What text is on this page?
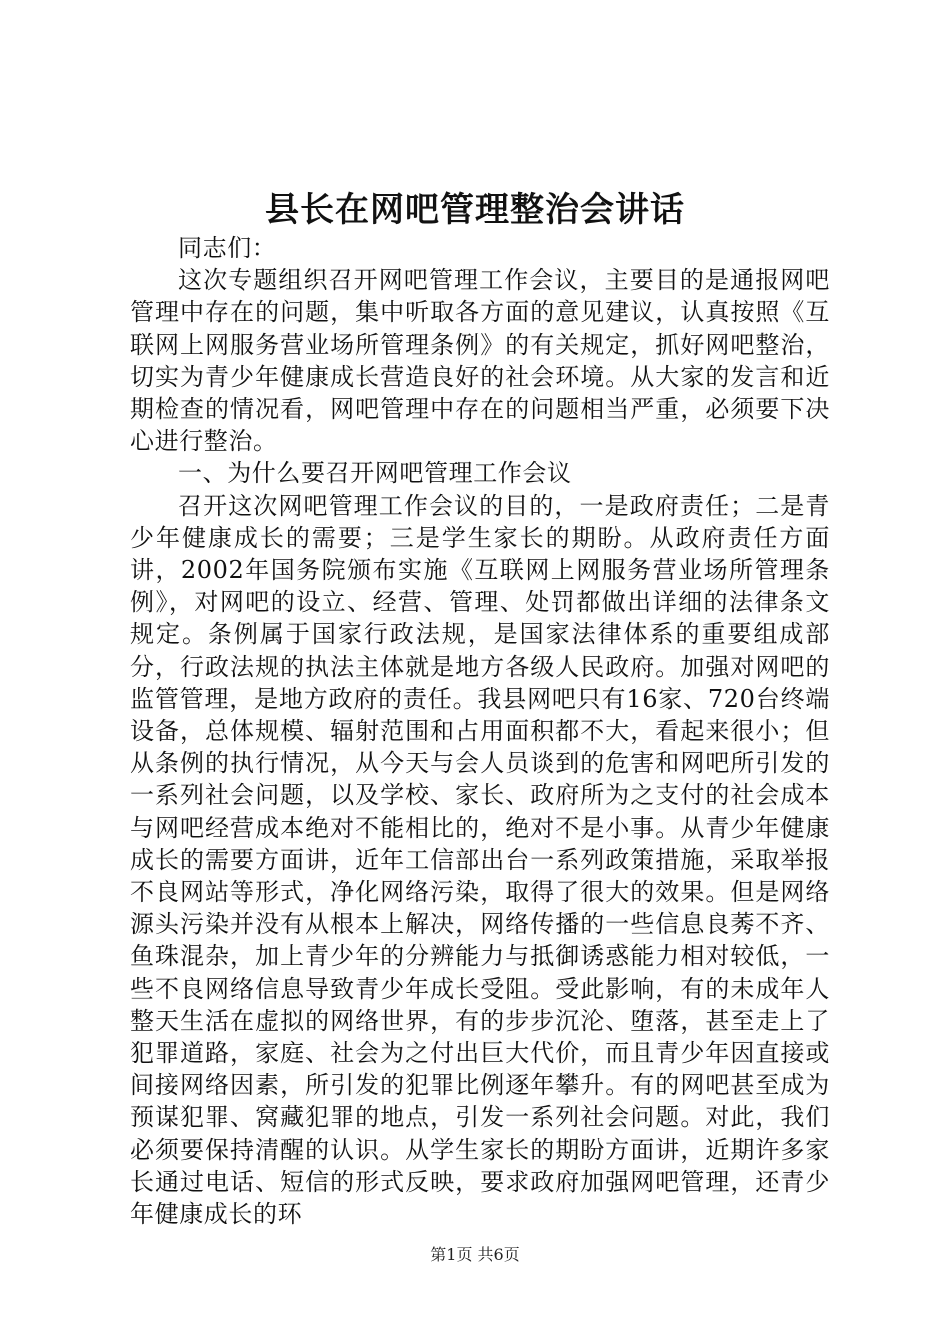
县长在网吧管理整治会讲话

同志们：

这次专题组织召开网吧管理工作会议，主要目的是通报网吧管理中存在的问题，集中听取各方面的意见建议，认真按照《互联网上网服务营业场所管理条例》的有关规定，抓好网吧整治，切实为青少年健康成长营造良好的社会环境。从大家的发言和近期检查的情况看，网吧管理中存在的问题相当严重，必须要下决心进行整治。

一、为什么要召开网吧管理工作会议

召开这次网吧管理工作会议的目的，一是政府责任；二是青少年健康成长的需要；三是学生家长的期盼。从政府责任方面讲，2002年国务院颁布实施《互联网上网服务营业场所管理条例》，对网吧的设立、经营、管理、处罚都做出详细的法律条文规定。条例属于国家行政法规，是国家法律体系的重要组成部分，行政法规的执法主体就是地方各级人民政府。加强对网吧的监管管理，是地方政府的责任。我县网吧只有16家、720台终端设备，总体规模、辐射范围和占用面积都不大，看起来很小；但从条例的执行情况，从今天与会人员谈到的危害和网吧所引发的一系列社会问题，以及学校、家长、政府所为之支付的社会成本与网吧经营成本绝对不能相比的，绝对不是小事。从青少年健康成长的需要方面讲，近年工信部出台一系列政策措施，采取举报不良网站等形式，净化网络污染，取得了很大的效果。但是网络源头污染并没有从根本上解决，网络传播的一些信息良莠不齐、鱼珠混杂，加上青少年的分辨能力与抵御诱惑能力相对较低，一些不良网络信息导致青少年成长受阻。受此影响，有的未成年人整天生活在虚拟的网络世界，有的步步沉沦、堕落，甚至走上了犯罪道路，家庭、社会为之付出巨大代价，而且青少年因直接或间接网络因素，所引发的犯罪比例逐年攀升。有的网吧甚至成为预谋犯罪、窝藏犯罪的地点，引发一系列社会问题。对此，我们必须要保持清醒的认识。从学生家长的期盼方面讲，近期许多家长通过电话、短信的形式反映，要求政府加强网吧管理，还青少年健康成长的环

第1页 共6页
